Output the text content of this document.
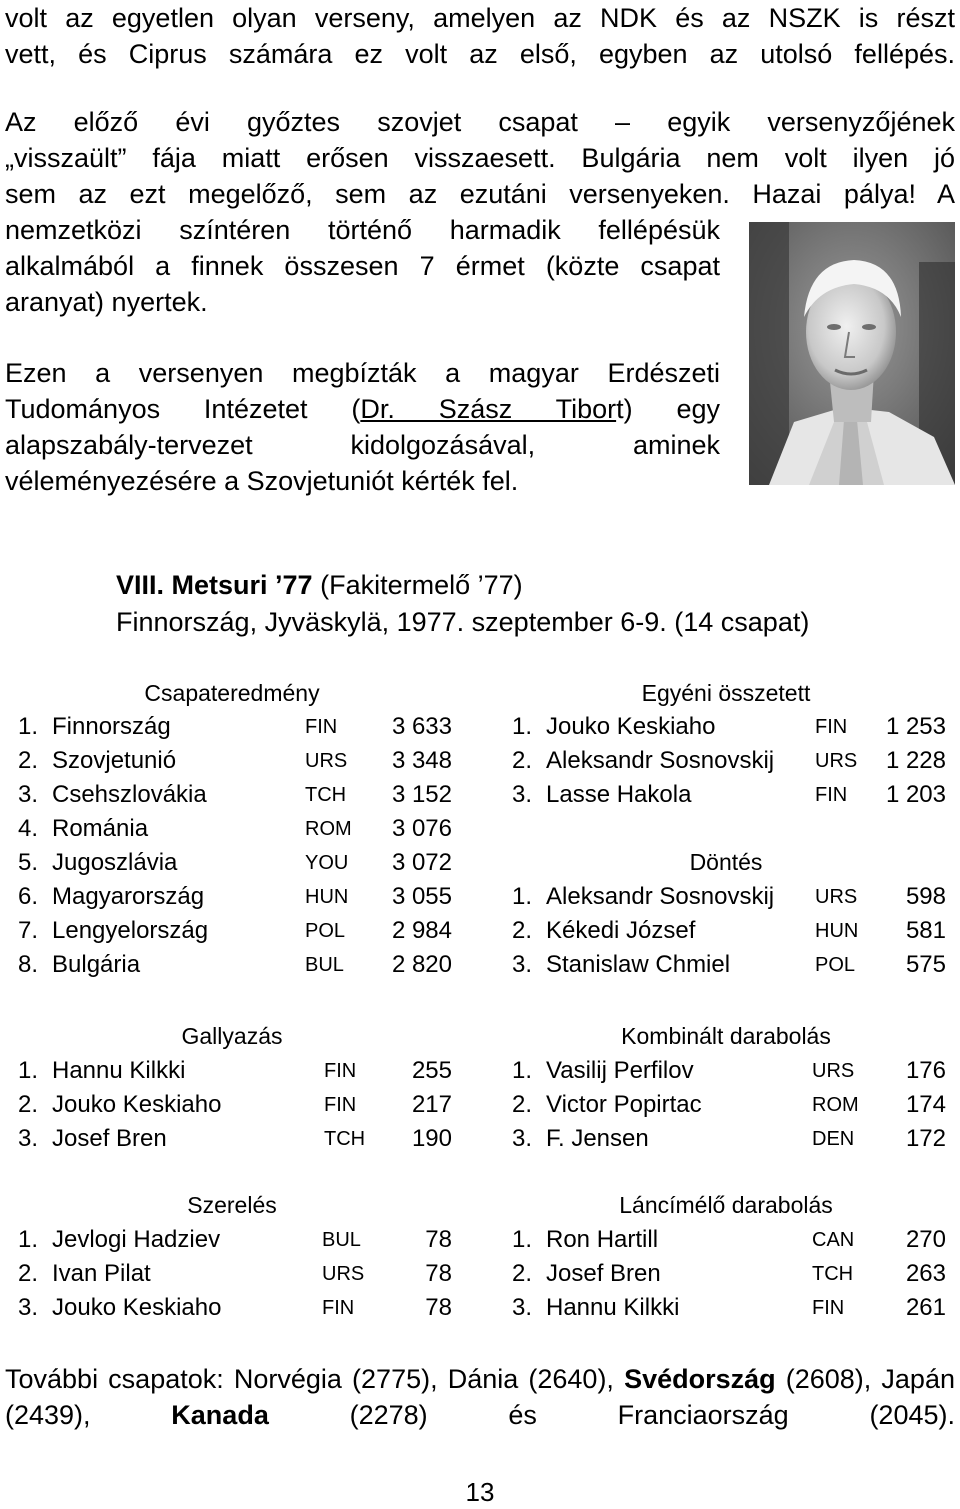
volt az egyetlen olyan verseny, amelyen az NDK és az NSZK is részt
vett, és Ciprus számára ez volt az első, egyben az utolsó fellépés.
Az előző évi győztes szovjet csapat – egyik versenyzőjének
„visszaült” fája miatt erősen visszaesett. Bulgária nem volt ilyen jó
sem az ezt megelőző, sem az ezutáni versenyeken. Hazai pálya! A
nemzetközi színtéren történő harmadik fellépésük
alkalmából a finnek összesen 7 érmet (közte csapat
aranyat) nyertek.
Ezen a versenyen megbízták a magyar Erdészeti
Tudományos Intézetet (Dr. Szász Tibort) egy
alapszabály-tervezet kidolgozásával, aminek
véleményezésére a Szovjetuniót kérték fel.
VIII. Metsuri ’77 (Fakitermelő ’77)
Finnország, Jyväskylä, 1977. szeptember 6-9. (14 csapat)
Csapateredmény
1. Finnország	FIN 3 633
2. Szovjetunió	URS 3 348
3. Csehszlovákia	TCH 3 152
4. Románia	ROM 3 076
5. Jugoszlávia	YOU 3 072
6. Magyarország	HUN 3 055
7. Lengyelország	POL 2 984
8. Bulgária	BUL 2 820
Egyéni összetett
1. Jouko Keskiaho	FIN 1 253
2. Aleksandr Sosnovskij URS 1 228
3. Lasse Hakola	FIN 1 203
Döntés
1. Aleksandr Sosnovskij URS 598
2. Kékedi József	HUN 581
3. Stanislaw Chmiel	POL 575
Gallyazás
1. Hannu Kilkki	FIN 255
2. Jouko Keskiaho	FIN 217
3. Josef Bren	TCH 190
Kombinált darabolás
1. Vasilij Perfilov	URS 176
2. Victor Popirtac	ROM 174
3. F. Jensen	DEN 172
Szerelés
1. Jevlogi Hadziev	BUL	78
2. Ivan Pilat	URS	78
3. Jouko Keskiaho	FIN	78
Láncímélő darabolás
1. Ron Hartill	CAN 270
2. Josef Bren	TCH 263
3. Hannu Kilkki	FIN	261
További csapatok: Norvégia (2775), Dánia (2640), Svédország (2608), Japán (2439), Kanada (2278) és Franciaország (2045).
13
